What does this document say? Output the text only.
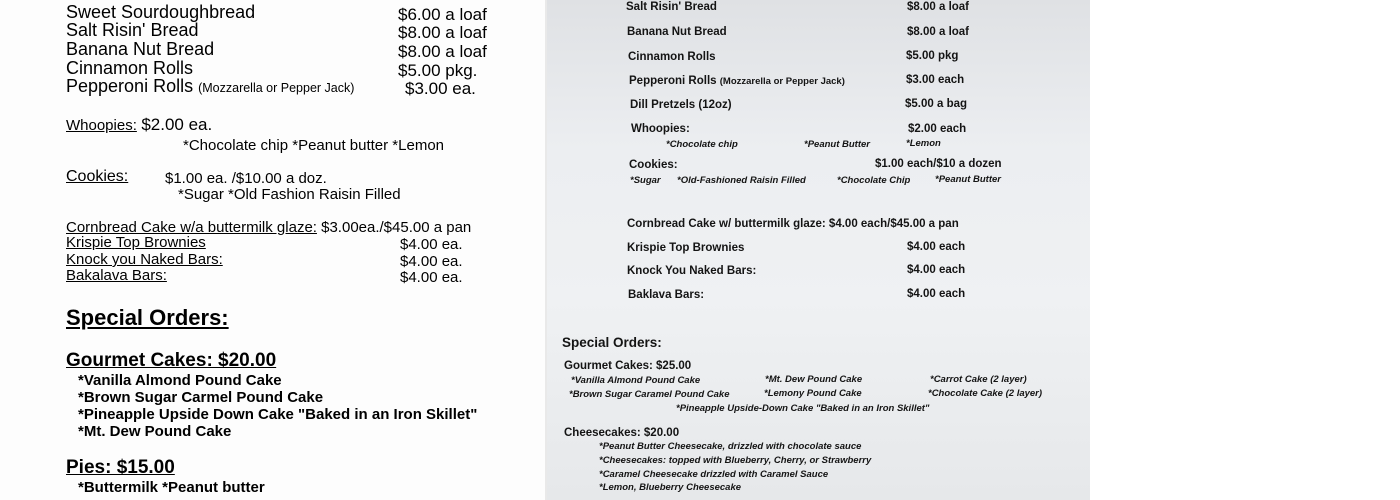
Sweet Sourdoughbread	$6.00 a loaf
Salt Risin' Bread	$8.00 a loaf
Banana Nut Bread	$8.00 a loaf
Cinnamon Rolls	$5.00 pkg.
Pepperoni Rolls (Mozzarella or Pepper Jack)	$3.00 ea.
Whoopies: $2.00 ea.
*Chocolate chip *Peanut butter *Lemon
Cookies: $1.00 ea. /$10.00 a doz.
*Sugar *Old Fashion Raisin Filled
Cornbread Cake w/a buttermilk glaze: $3.00ea./$45.00 a pan
Krispie Top Brownies	$4.00 ea.
Knock you Naked Bars:	$4.00 ea.
Bakalava Bars:	$4.00 ea.
Special Orders:
Gourmet Cakes: $20.00
*Vanilla Almond Pound Cake
*Brown Sugar Carmel Pound Cake
*Pineapple Upside Down Cake "Baked in an Iron Skillet"
*Mt. Dew Pound Cake
Pies: $15.00
*Buttermilk *Peanut butter
Salt Risin' Bread	$8.00 a loaf
Banana Nut Bread	$8.00 a loaf
Cinnamon Rolls	$5.00 pkg
Pepperoni Rolls (Mozzarella or Pepper Jack)	$3.00 each
Dill Pretzels (12oz)	$5.00 a bag
Whoopies:	$2.00 each
*Chocolate chip	*Peanut Butter	*Lemon
Cookies:	$1.00 each/$10 a dozen
*Sugar *Old-Fashioned Raisin Filled	*Chocolate Chip	*Peanut Butter
Cornbread Cake w/ buttermilk glaze: $4.00 each/$45.00 a pan
Krispie Top Brownies	$4.00 each
Knock You Naked Bars:	$4.00 each
Baklava Bars:	$4.00 each
Special Orders:
Gourmet Cakes: $25.00
*Vanilla Almond Pound Cake	*Mt. Dew Pound Cake	*Carrot Cake (2 layer)
*Brown Sugar Caramel Pound Cake	*Lemony Pound Cake	*Chocolate Cake (2 layer)
*Pineapple Upside-Down Cake "Baked in an Iron Skillet"
Cheesecakes: $20.00
*Peanut Butter Cheesecake, drizzled with chocolate sauce
*Cheesecakes: topped with Blueberry, Cherry, or Strawberry
*Caramel Cheesecake drizzled with Caramel Sauce
*Lemon, Blueberry Cheesecake
